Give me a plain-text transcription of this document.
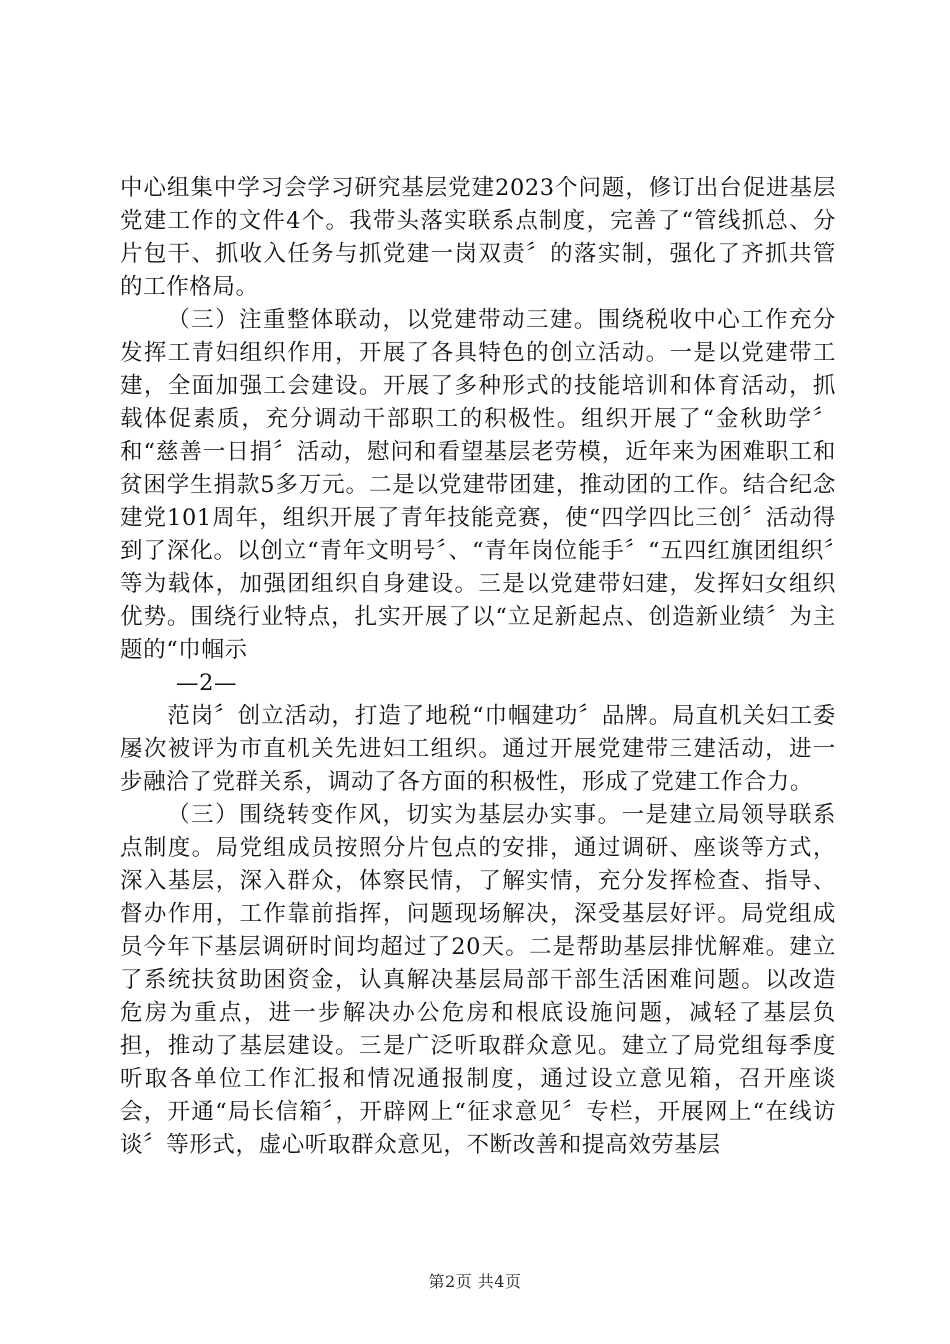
中心组集中学习会学习研究基层党建2023个问题，修订出台促进基层党建工作的文件4个。我带头落实联系点制度，完善了“管线抓总、分片包干、抓收入任务与抓党建一岗双责〞的落实制，强化了齐抓共管的工作格局。

（三）注重整体联动，以党建带动三建。围绕税收中心工作充分发挥工青妇组织作用，开展了各具特色的创立活动。一是以党建带工建，全面加强工会建设。开展了多种形式的技能培训和体育活动，抓载体促素质，充分调动干部职工的积极性。组织开展了“金秋助学〞和“慈善一日捐〞活动，慰问和看望基层老劳模，近年来为困难职工和贫困学生捐款5多万元。二是以党建带团建，推动团的工作。结合纪念建党101周年，组织开展了青年技能竞赛，使“四学四比三创〞活动得到了深化。以创立“青年文明号〞、“青年岗位能手〞“五四红旗团组织〞等为载体，加强团组织自身建设。三是以党建带妇建，发挥妇女组织优势。围绕行业特点，扎实开展了以“立足新起点、创造新业绩〞为主题的“巾帼示

—2—

范岗〞创立活动，打造了地税“巾帼建功〞品牌。局直机关妇工委屡次被评为市直机关先进妇工组织。通过开展党建带三建活动，进一步融洽了党群关系，调动了各方面的积极性，形成了党建工作合力。

（三）围绕转变作风，切实为基层办实事。一是建立局领导联系点制度。局党组成员按照分片包点的安排，通过调研、座谈等方式，深入基层，深入群众，体察民情，了解实情，充分发挥检查、指导、督办作用，工作靠前指挥，问题现场解决，深受基层好评。局党组成员今年下基层调研时间均超过了20天。二是帮助基层排忧解难。建立了系统扶贫助困资金，认真解决基层局部干部生活困难问题。以改造危房为重点，进一步解决办公危房和根底设施问题，减轻了基层负担，推动了基层建设。三是广泛听取群众意见。建立了局党组每季度听取各单位工作汇报和情况通报制度，通过设立意见箱，召开座谈会，开通“局长信箱〞，开辟网上“征求意见〞专栏，开展网上“在线访谈〞等形式，虚心听取群众意见，不断改善和提高效劳基层

第2页 共4页
